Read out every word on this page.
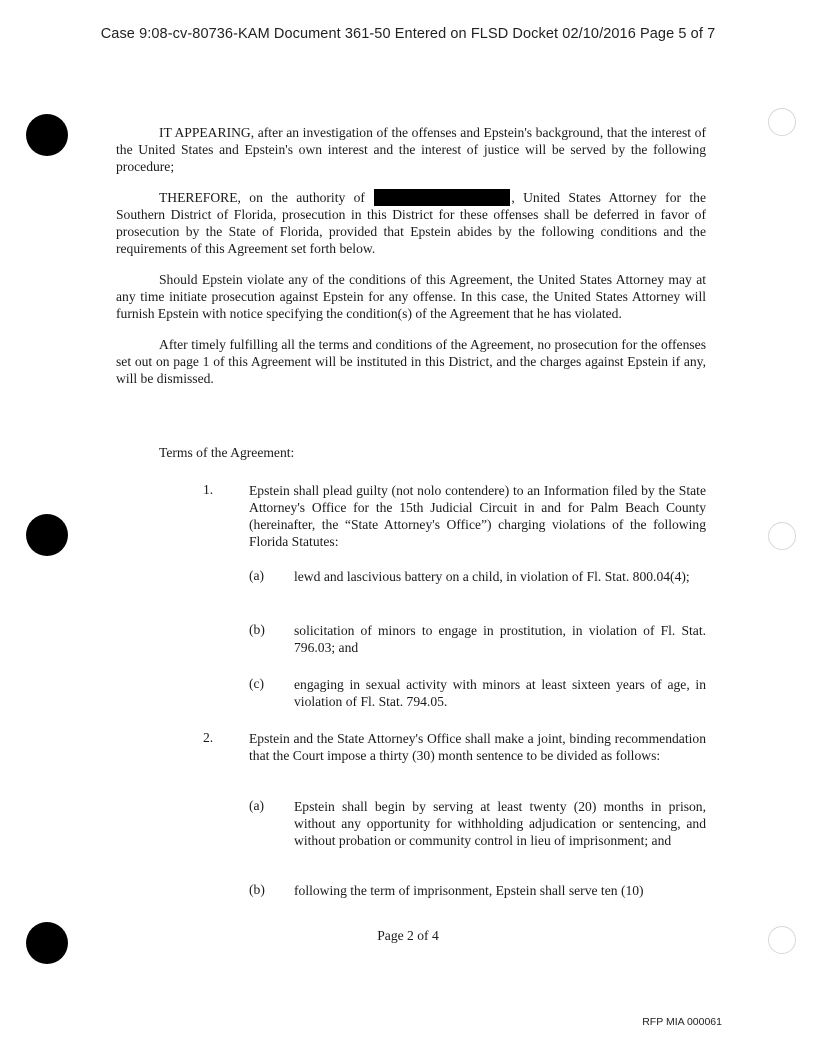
Case 9:08-cv-80736-KAM Document 361-50 Entered on FLSD Docket 02/10/2016 Page 5 of 7

IT APPEARING, after an investigation of the offenses and Epstein's background, that the interest of the United States and Epstein's own interest and the interest of justice will be served by the following procedure;

THEREFORE, on the authority of	, United States Attorney for the Southern District of Florida, prosecution in this District for these offenses shall be deferred in favor of prosecution by the State of Florida, provided that Epstein abides by the following conditions and the requirements of this Agreement set forth below.

Should Epstein violate any of the conditions of this Agreement, the United States Attorney may at any time initiate prosecution against Epstein for any offense. In this case, the United States Attorney will furnish Epstein with notice specifying the condition(s) of the Agreement that he has violated.

After timely fulfilling all the terms and conditions of the Agreement, no prosecution for the offenses set out on page 1 of this Agreement will be instituted in this District, and the charges against Epstein if any, will be dismissed.

Terms of the Agreement:
1.	Epstein shall plead guilty (not nolo contendere) to an Information filed by the State Attorney's Office for the 15th Judicial Circuit in and for Palm Beach County (hereinafter, the “State Attorney's Office”) charging violations of the following Florida Statutes:
(a) lewd and lascivious battery on a child, in violation of Fl. Stat. 800.04(4);
(b) solicitation of minors to engage in prostitution, in violation of Fl. Stat. 796.03; and
(c) engaging in sexual activity with minors at least sixteen years of age, in violation of Fl. Stat. 794.05.
2.	Epstein and the State Attorney's Office shall make a joint, binding recommendation that the Court impose a thirty (30) month sentence to be divided as follows:
(a) Epstein shall begin by serving at least twenty (20) months in prison, without any opportunity for withholding adjudication or sentencing, and without probation or community control in lieu of imprisonment; and
(b) following the term of imprisonment, Epstein shall serve ten (10)
Page 2 of 4
RFP MIA 000061
